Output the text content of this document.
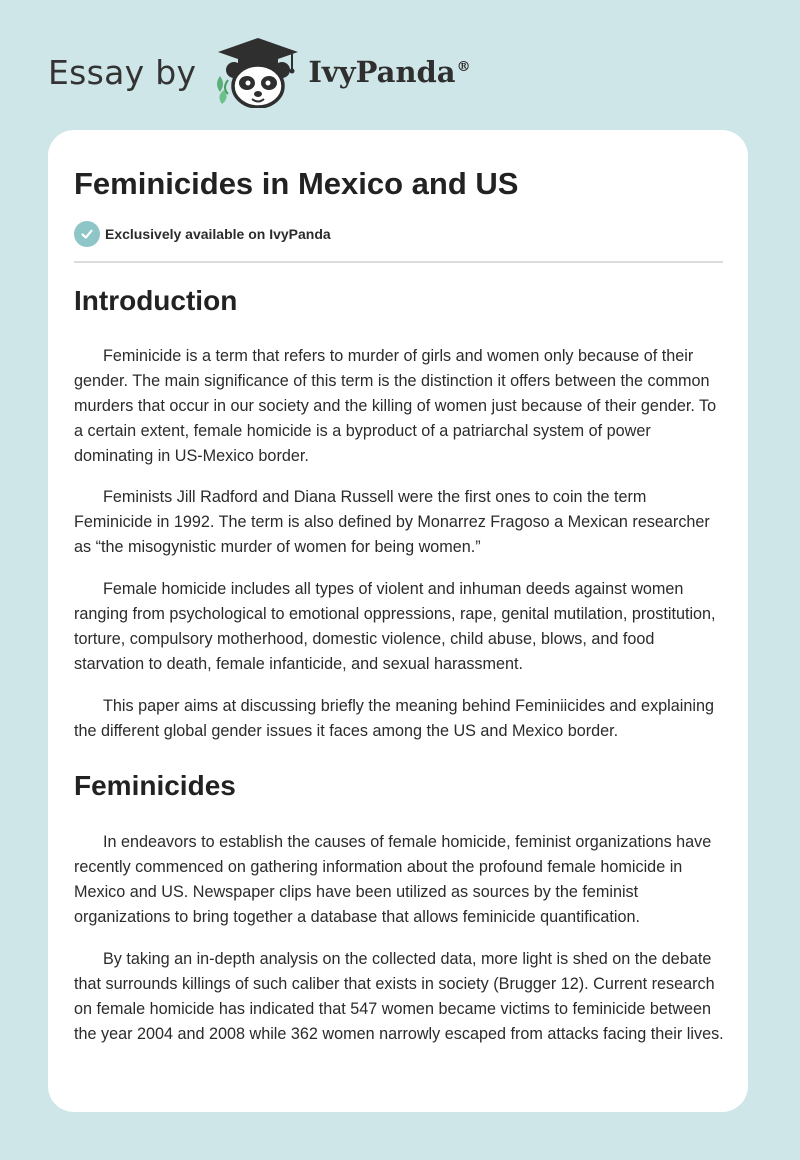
Essay by	IvyPanda®
Feminicides in Mexico and US
Exclusively available on IvyPanda
Introduction

Feminicide is a term that refers to murder of girls and women only because of their gender. The main significance of this term is the distinction it offers between the common murders that occur in our society and the killing of women just because of their gender. To a certain extent, female homicide is a byproduct of a patriarchal system of power dominating in US-Mexico border.

Feminists Jill Radford and Diana Russell were the first ones to coin the term Feminicide in 1992. The term is also defined by Monarrez Fragoso a Mexican researcher as “the misogynistic murder of women for being women.”

Female homicide includes all types of violent and inhuman deeds against women ranging from psychological to emotional oppressions, rape, genital mutilation, prostitution, torture, compulsory motherhood, domestic violence, child abuse, blows, and food starvation to death, female infanticide, and sexual harassment.

This paper aims at discussing briefly the meaning behind Feminiicides and explaining the different global gender issues it faces among the US and Mexico border.

Feminicides

In endeavors to establish the causes of female homicide, feminist organizations have recently commenced on gathering information about the profound female homicide in Mexico and US. Newspaper clips have been utilized as sources by the feminist organizations to bring together a database that allows feminicide quantification.

By taking an in-depth analysis on the collected data, more light is shed on the debate that surrounds killings of such caliber that exists in society (Brugger 12). Current research on female homicide has indicated that 547 women became victims to feminicide between the year 2004 and 2008 while 362 women narrowly escaped from attacks facing their lives.
